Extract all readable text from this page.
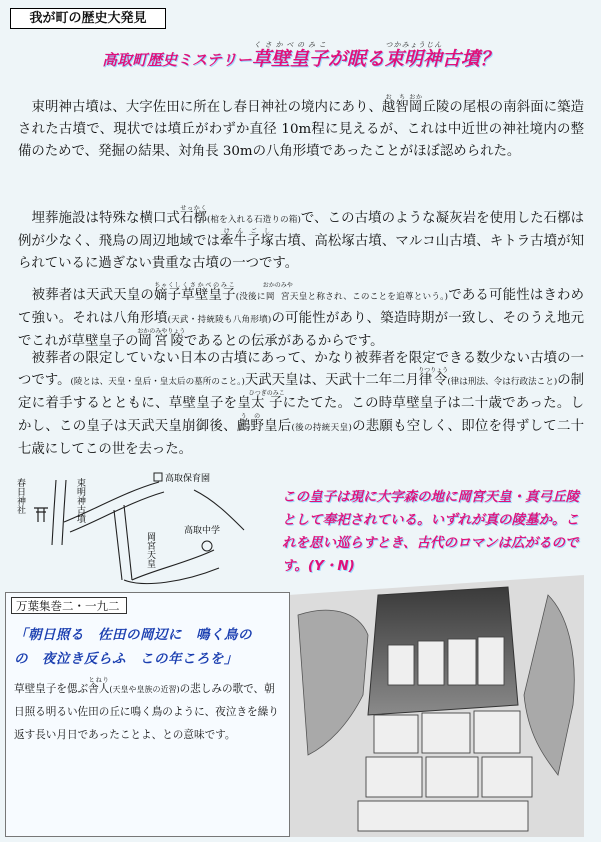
我が町の歴史大発見
高取町歴史ミステリー草壁皇子くさかべのみこが眠る束明神つかみょうじん古墳？

　束明神古墳は、大字佐田に所在し春日神社の境内にあり、越智おち岡おか丘陵の尾根の南斜面に築造された古墳で、現状では墳丘がわずか直径 10m程に見えるが、これは中近世の神社境内の整備のためで、発掘の結果、対角長 30mの八角形墳であったことがほぼ認められた。

　埋葬施設は特殊な横口式石槨せっかく(棺を入れる石造りの箱)で、この古墳のような凝灰岩を使用した石槨は例が少なく、飛鳥の周辺地域では牽牛子塚けんごし古墳、高松塚古墳、マルコ山古墳、キトラ古墳が知られているに過ぎない貴重な古墳の一つです。

　被葬者は天武天皇の嫡子ちゃくし草壁皇子くさかべのみこ(没後に岡宮おかのみや天皇と称され、このことを追尊という。)である可能性はきわめて強い。それは八角形墳(天武・持統陵も八角形墳)の可能性があり、築造時期が一致し、そのうえ地元でこれが草壁皇子の岡宮陵おかのみやりょうであるとの伝承があるからです。

　被葬者の限定していない日本の古墳にあって、かなり被葬者を限定できる数少ない古墳の一つです。(陵とは、天皇・皇后・皇太后の墓所のこと。)天武天皇は、天武十二年二月律令りつりょう(律は刑法、令は行政法こと)の制定に着手するとともに、草壁皇子を皇太子ひつぎのみこにたてた。この時草壁皇子は二十歳であった。しかし、この皇子は天武天皇崩御後、鸕野うの皇后(後の持統天皇)の悲願も空しく、即位を得ずして二十七歳にしてこの世を去った。

春日神社	束明神古墳	高取保育園
高取中学
岡宮天皇
この皇子は現に大字森の地に岡宮天皇・真弓丘陵として奉祀されている。いずれが真の陵墓か。これを思い巡らすとき、古代のロマンは広がるのです。(Y・N)
万葉集巻二・一九二
「朝日照る　佐田の岡辺に　鳴く鳥の
の　夜泣き反らふ　この年ころを」
草壁皇子を偲ぶ舎人とねり(天皇や皇族の近習)の悲しみの歌で、朝日照る明るい佐田の丘に鳴く鳥のように、夜泣きを繰り返す長い月日であったことよ、との意味です。
